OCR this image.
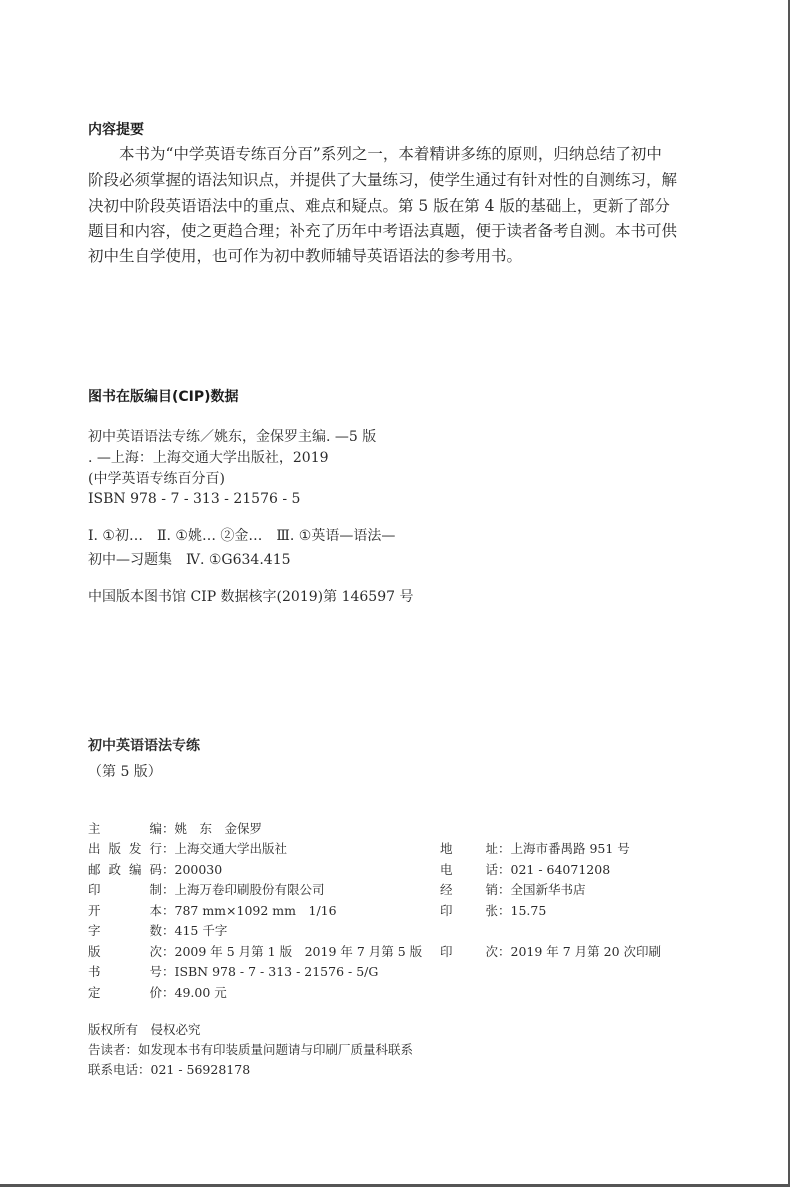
内容提要
　　本书为“中学英语专练百分百”系列之一，本着精讲多练的原则，归纳总结了初中
阶段必须掌握的语法知识点，并提供了大量练习，使学生通过有针对性的自测练习，解
决初中阶段英语语法中的重点、难点和疑点。第 5 版在第 4 版的基础上，更新了部分
题目和内容，使之更趋合理；补充了历年中考语法真题，便于读者备考自测。本书可供
初中生自学使用，也可作为初中教师辅导英语语法的参考用书。
图书在版编目(CIP)数据
初中英语语法专练／姚东，金保罗主编. —5 版
. —上海：上海交通大学出版社，2019
(中学英语专练百分百)
ISBN 978 - 7 - 313 - 21576 - 5
Ⅰ. ①初…　Ⅱ. ①姚… ②金…　Ⅲ. ①英语—语法—
初中—习题集　Ⅳ. ①G634.415
中国版本图书馆 CIP 数据核字(2019)第 146597 号
初中英语语法专练
（第 5 版）
主编：姚　东　金保罗
出版发行：上海交通大学出版社
邮政编码：200030
印制：上海万卷印刷股份有限公司
开本：787 mm×1092 mm　1/16
字数：415 千字
版次：2009 年 5 月第 1 版　2019 年 7 月第 5 版
书号：ISBN 978 - 7 - 313 - 21576 - 5/G
定价：49.00 元
地址：上海市番禺路 951 号
电话：021 - 64071208
经销：全国新华书店
印张：15.75
印次：2019 年 7 月第 20 次印刷
版权所有　侵权必究
告读者：如发现本书有印装质量问题请与印刷厂质量科联系
联系电话：021 - 56928178
